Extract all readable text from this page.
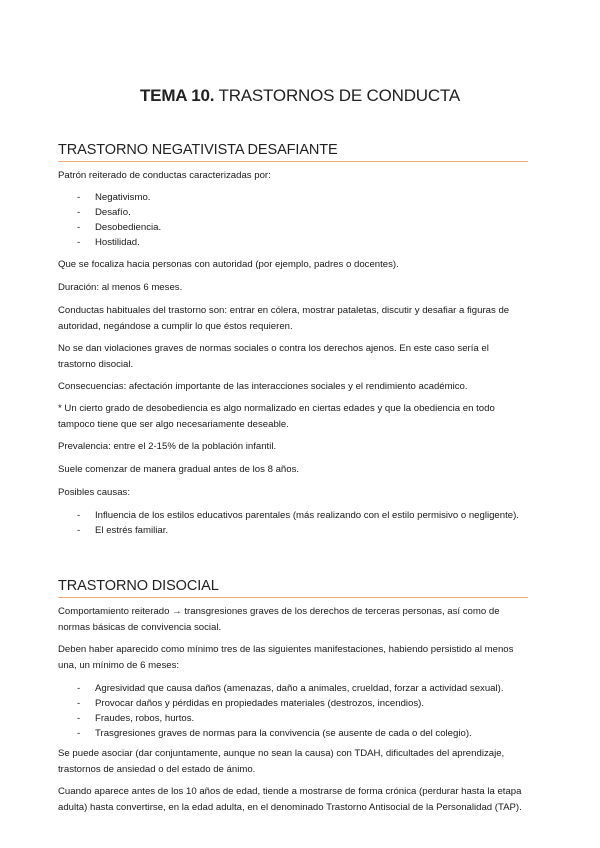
TEMA 10. TRASTORNOS DE CONDUCTA
TRASTORNO NEGATIVISTA DESAFIANTE
Patrón reiterado de conductas caracterizadas por:
- Negativismo.
- Desafío.
- Desobediencia.
- Hostilidad.
Que se focaliza hacia personas con autoridad (por ejemplo, padres o docentes).
Duración: al menos 6 meses.
Conductas habituales del trastorno son: entrar en cólera, mostrar pataletas, discutir y desafiar a figuras de autoridad, negándose a cumplir lo que éstos requieren.
No se dan violaciones graves de normas sociales o contra los derechos ajenos. En este caso sería el trastorno disocial.
Consecuencias: afectación importante de las interacciones sociales y el rendimiento académico.
* Un cierto grado de desobediencia es algo normalizado en ciertas edades y que la obediencia en todo tampoco tiene que ser algo necesariamente deseable.
Prevalencia: entre el 2-15% de la población infantil.
Suele comenzar de manera gradual antes de los 8 años.
Posibles causas:
- Influencia de los estilos educativos parentales (más realizando con el estilo permisivo o negligente).
- El estrés familiar.
TRASTORNO DISOCIAL
Comportamiento reiterado → transgresiones graves de los derechos de terceras personas, así como de normas básicas de convivencia social.
Deben haber aparecido como mínimo tres de las siguientes manifestaciones, habiendo persistido al menos una, un mínimo de 6 meses:
- Agresividad que causa daños (amenazas, daño a animales, crueldad, forzar a actividad sexual).
- Provocar daños y pérdidas en propiedades materiales (destrozos, incendios).
- Fraudes, robos, hurtos.
- Trasgresiones graves de normas para la convivencia (se ausente de cada o del colegio).
Se puede asociar (dar conjuntamente, aunque no sean la causa) con TDAH, dificultades del aprendizaje, trastornos de ansiedad o del estado de ánimo.
Cuando aparece antes de los 10 años de edad, tiende a mostrarse de forma crónica (perdurar hasta la etapa adulta) hasta convertirse, en la edad adulta, en el denominado Trastorno Antisocial de la Personalidad (TAP).
